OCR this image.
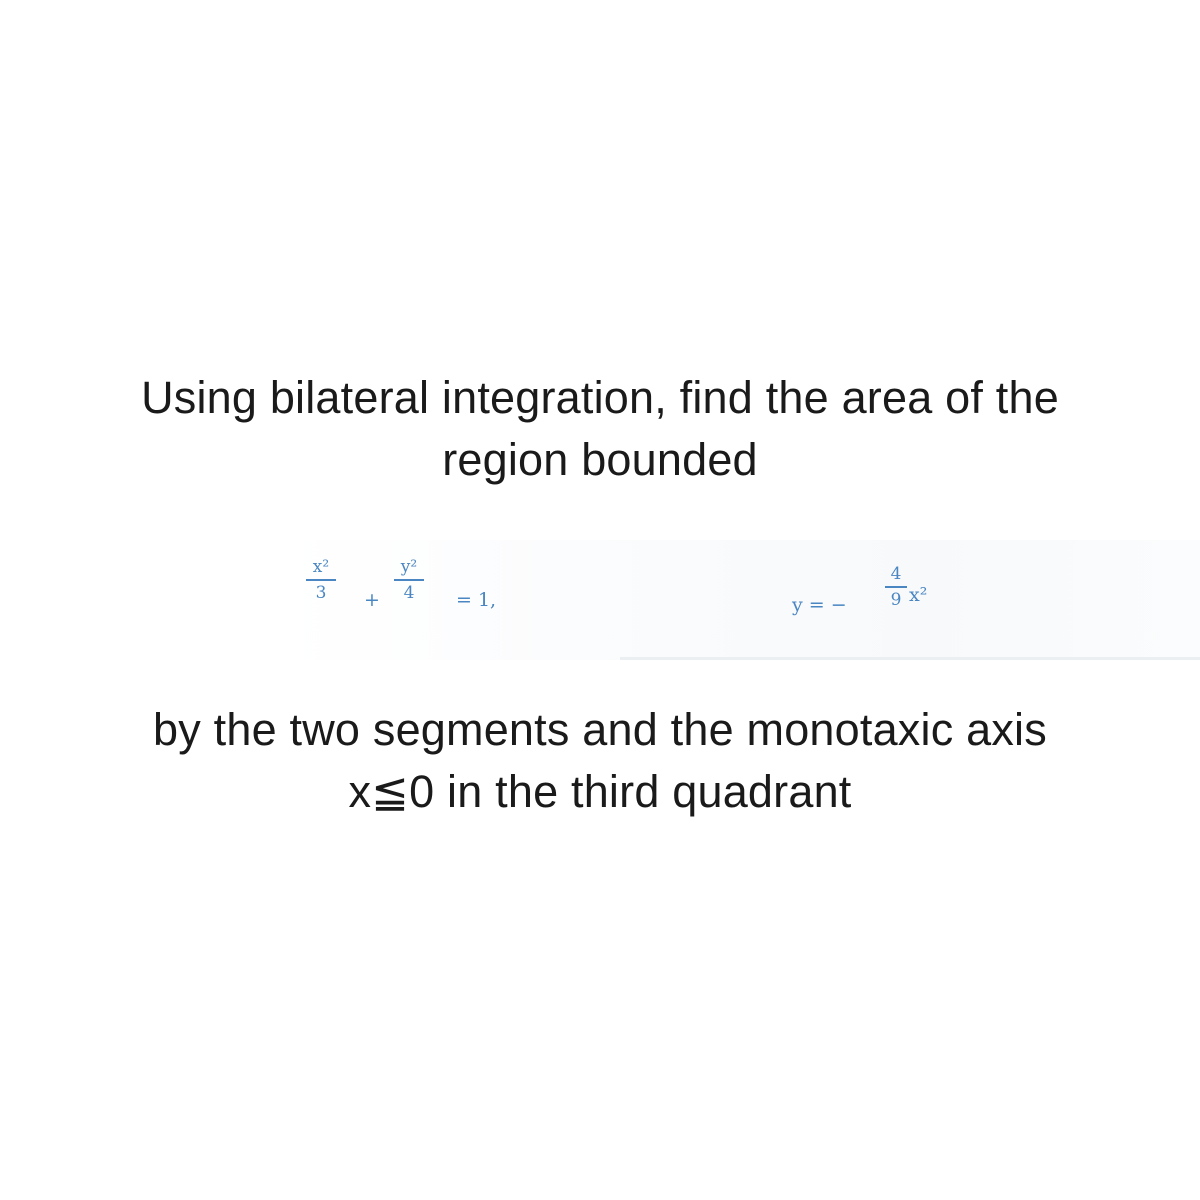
Using bilateral integration, find the area of the
region bounded
x²
3	+
y²
4	= 1,	y = −
4
9 x²
by the two segments and the monotaxic axis
x≦0 in the third quadrant
